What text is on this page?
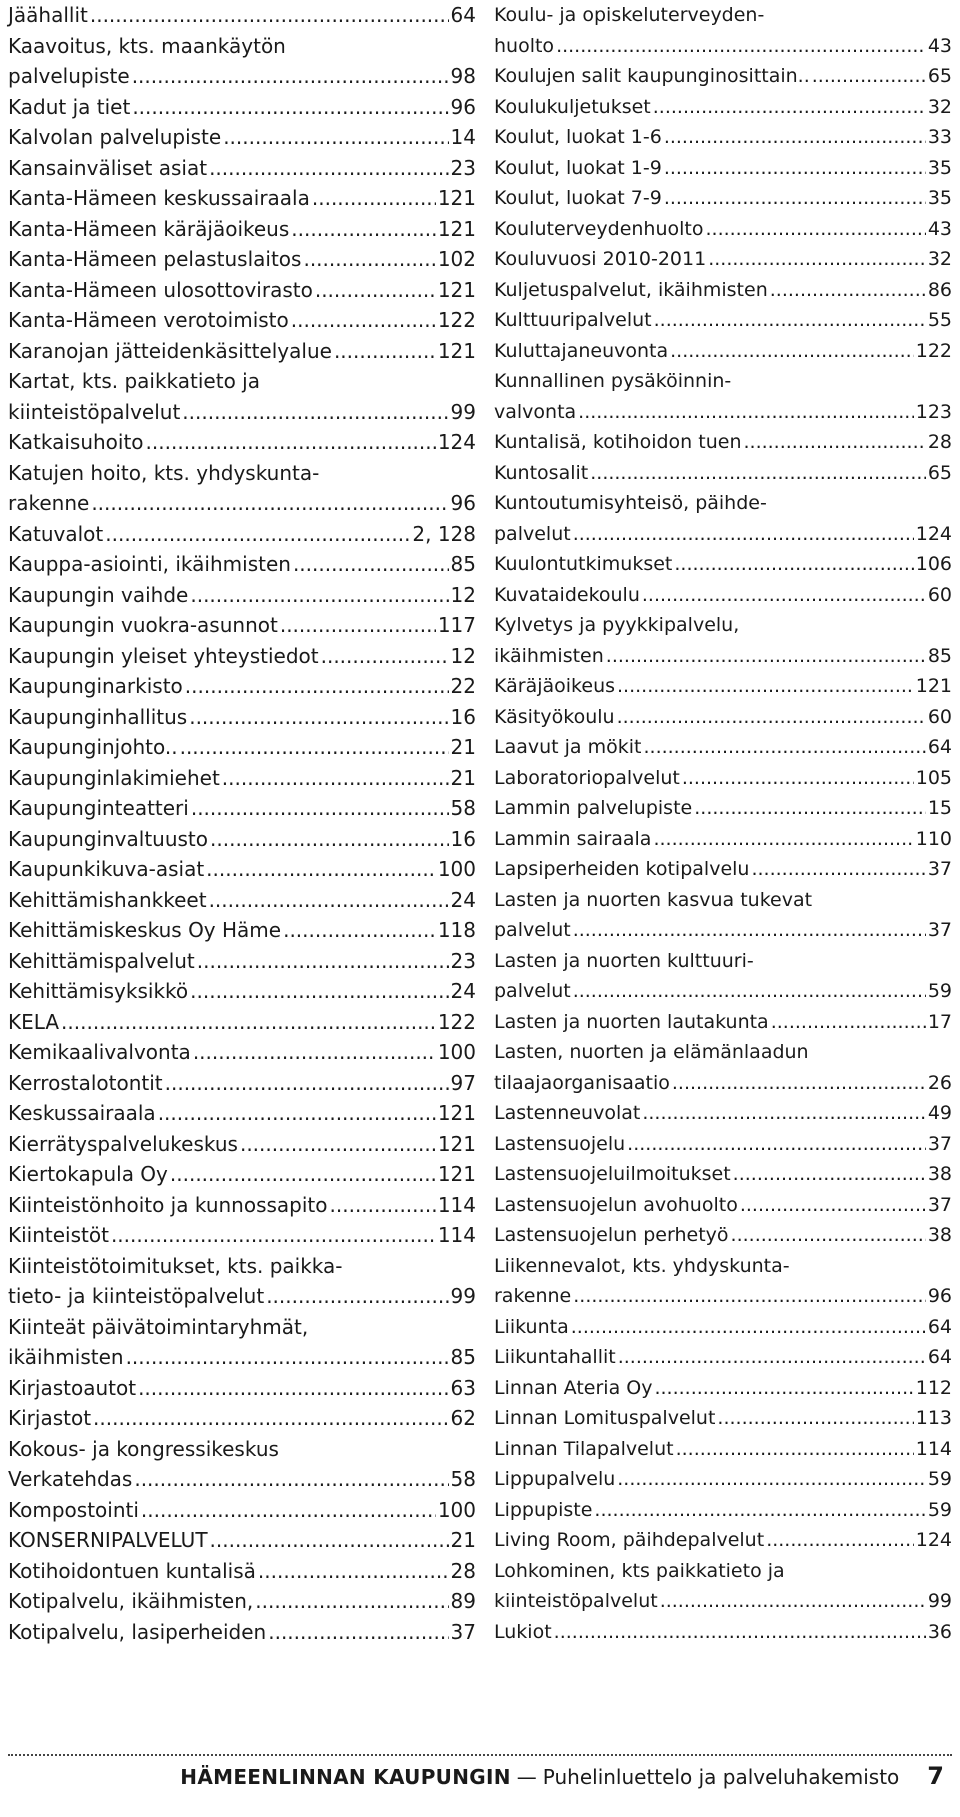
Jäähallit .....	64
Kaavoitus, kts. maankäytön
palvelupiste .....	98
Kadut ja tiet .....	96
Kalvolan palvelupiste .....	14
Kansainväliset asiat .....	23
Kanta-Hämeen keskussairaala .....	121
Kanta-Hämeen käräjäoikeus .....	121
Kanta-Hämeen pelastuslaitos .....	102
Kanta-Hämeen ulosottovirasto .....	121
Kanta-Hämeen verotoimisto .....	122
Karanojan jätteidenkäsittelyalue .....	121
Kartat, kts. paikkatieto ja
kiinteistöpalvelut .....	99
Katkaisuhoito .....	124
Katujen hoito, kts. yhdyskunta-
rakenne .....	96
Katuvalot .....	2, 128
Kauppa-asiointi, ikäihmisten .....	85
Kaupungin vaihde .....	12
Kaupungin vuokra-asunnot .....	117
Kaupungin yleiset yhteystiedot .....	12
Kaupunginarkisto .....	22
Kaupunginhallitus .....	16
Kaupunginjohto.. .....	21
Kaupunginlakimiehet .....	21
Kaupunginteatteri .....	58
Kaupunginvaltuusto .....	16
Kaupunkikuva-asiat .....	100
Kehittämishankkeet .....	24
Kehittämiskeskus Oy Häme .....	118
Kehittämispalvelut .....	23
Kehittämisyksikkö .....	24
KELA .....	122
Kemikaalivalvonta .....	100
Kerrostalotontit .....	97
Keskussairaala .....	121
Kierrätyspalvelukeskus .....	121
Kiertokapula Oy .....	121
Kiinteistönhoito ja kunnossapito .....	114
Kiinteistöt .....	114
Kiinteistötoimitukset, kts. paikka-
tieto- ja kiinteistöpalvelut .....	99
Kiinteät päivätoimintaryhmät,
ikäihmisten .....	85
Kirjastoautot .....	63
Kirjastot .....	62
Kokous- ja kongressikeskus
Verkatehdas .....	58
Kompostointi .....	100
KONSERNIPALVELUT .....	21
Kotihoidontuen kuntalisä .....	28
Kotipalvelu, ikäihmisten, .....	89
Kotipalvelu, lasiperheiden .....	37
Koulu- ja opiskeluterveyden-
huolto .....	43
Koulujen salit kaupunginosittain.. .....	65
Koulukuljetukset .....	32
Koulut, luokat 1-6 .....	33
Koulut, luokat 1-9 .....	35
Koulut, luokat 7-9 .....	35
Kouluterveydenhuolto .....	43
Kouluvuosi 2010-2011 .....	32
Kuljetuspalvelut, ikäihmisten .....	86
Kulttuuripalvelut .....	55
Kuluttajaneuvonta .....	122
Kunnallinen pysäköinnin-
valvonta .....	123
Kuntalisä, kotihoidon tuen .....	28
Kuntosalit .....	65
Kuntoutumisyhteisö, päihde-
palvelut .....	124
Kuulontutkimukset .....	106
Kuvataidekoulu .....	60
Kylvetys ja pyykkipalvelu,
ikäihmisten .....	85
Käräjäoikeus .....	121
Käsityökoulu .....	60
Laavut ja mökit .....	64
Laboratoriopalvelut .....	105
Lammin palvelupiste .....	15
Lammin sairaala .....	110
Lapsiperheiden kotipalvelu .....	37
Lasten ja nuorten kasvua tukevat
palvelut .....	37
Lasten ja nuorten kulttuuri-
palvelut .....	59
Lasten ja nuorten lautakunta .....	17
Lasten, nuorten ja elämänlaadun
tilaajaorganisaatio .....	26
Lastenneuvolat .....	49
Lastensuojelu .....	37
Lastensuojeluilmoitukset .....	38
Lastensuojelun avohuolto .....	37
Lastensuojelun perhetyö .....	38
Liikennevalot, kts. yhdyskunta-
rakenne .....	96
Liikunta .....	64
Liikuntahallit .....	64
Linnan Ateria Oy .....	112
Linnan Lomituspalvelut .....	113
Linnan Tilapalvelut .....	114
Lippupalvelu .....	59
Lippupiste .....	59
Living Room, päihdepalvelut .....	124
Lohkominen, kts paikkatieto ja
kiinteistöpalvelut .....	99
Lukiot .....	36
HÄMEENLINNAN KAUPUNGIN — Puhelinluettelo ja palveluhakemisto 7
